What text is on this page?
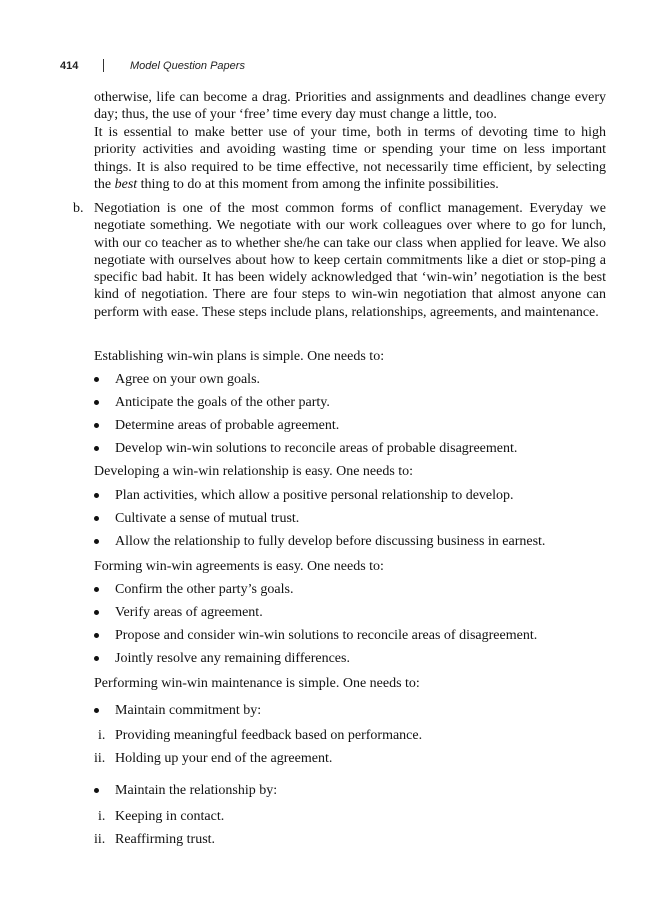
414	Model Question Papers

otherwise, life can become a drag. Priorities and assignments and deadlines change every day; thus, the use of your ‘free’ time every day must change a little, too.

It is essential to make better use of your time, both in terms of devoting time to high priority activities and avoiding wasting time or spending your time on less important things. It is also required to be time effective, not necessarily time efficient, by selecting the best thing to do at this moment from among the infinite possibilities.

b. Negotiation is one of the most common forms of conflict management. Everyday we negotiate something. We negotiate with our work colleagues over where to go for lunch, with our co teacher as to whether she/he can take our class when applied for leave. We also negotiate with ourselves about how to keep certain commitments like a diet or stop-ping a specific bad habit. It has been widely acknowledged that ‘win-win’ negotiation is the best kind of negotiation. There are four steps to win-win negotiation that almost anyone can perform with ease. These steps include plans, relationships, agreements, and maintenance.

Establishing win-win plans is simple. One needs to:
Agree on your own goals.
Anticipate the goals of the other party.
Determine areas of probable agreement.
Develop win-win solutions to reconcile areas of probable disagreement.
Developing a win-win relationship is easy. One needs to:
Plan activities, which allow a positive personal relationship to develop.
Cultivate a sense of mutual trust.
Allow the relationship to fully develop before discussing business in earnest.
Forming win-win agreements is easy. One needs to:
Confirm the other party’s goals.
Verify areas of agreement.
Propose and consider win-win solutions to reconcile areas of disagreement.
Jointly resolve any remaining differences.
Performing win-win maintenance is simple. One needs to:
Maintain commitment by:
i. Providing meaningful feedback based on performance.
ii. Holding up your end of the agreement.
Maintain the relationship by:
i. Keeping in contact.
ii. Reaffirming trust.
